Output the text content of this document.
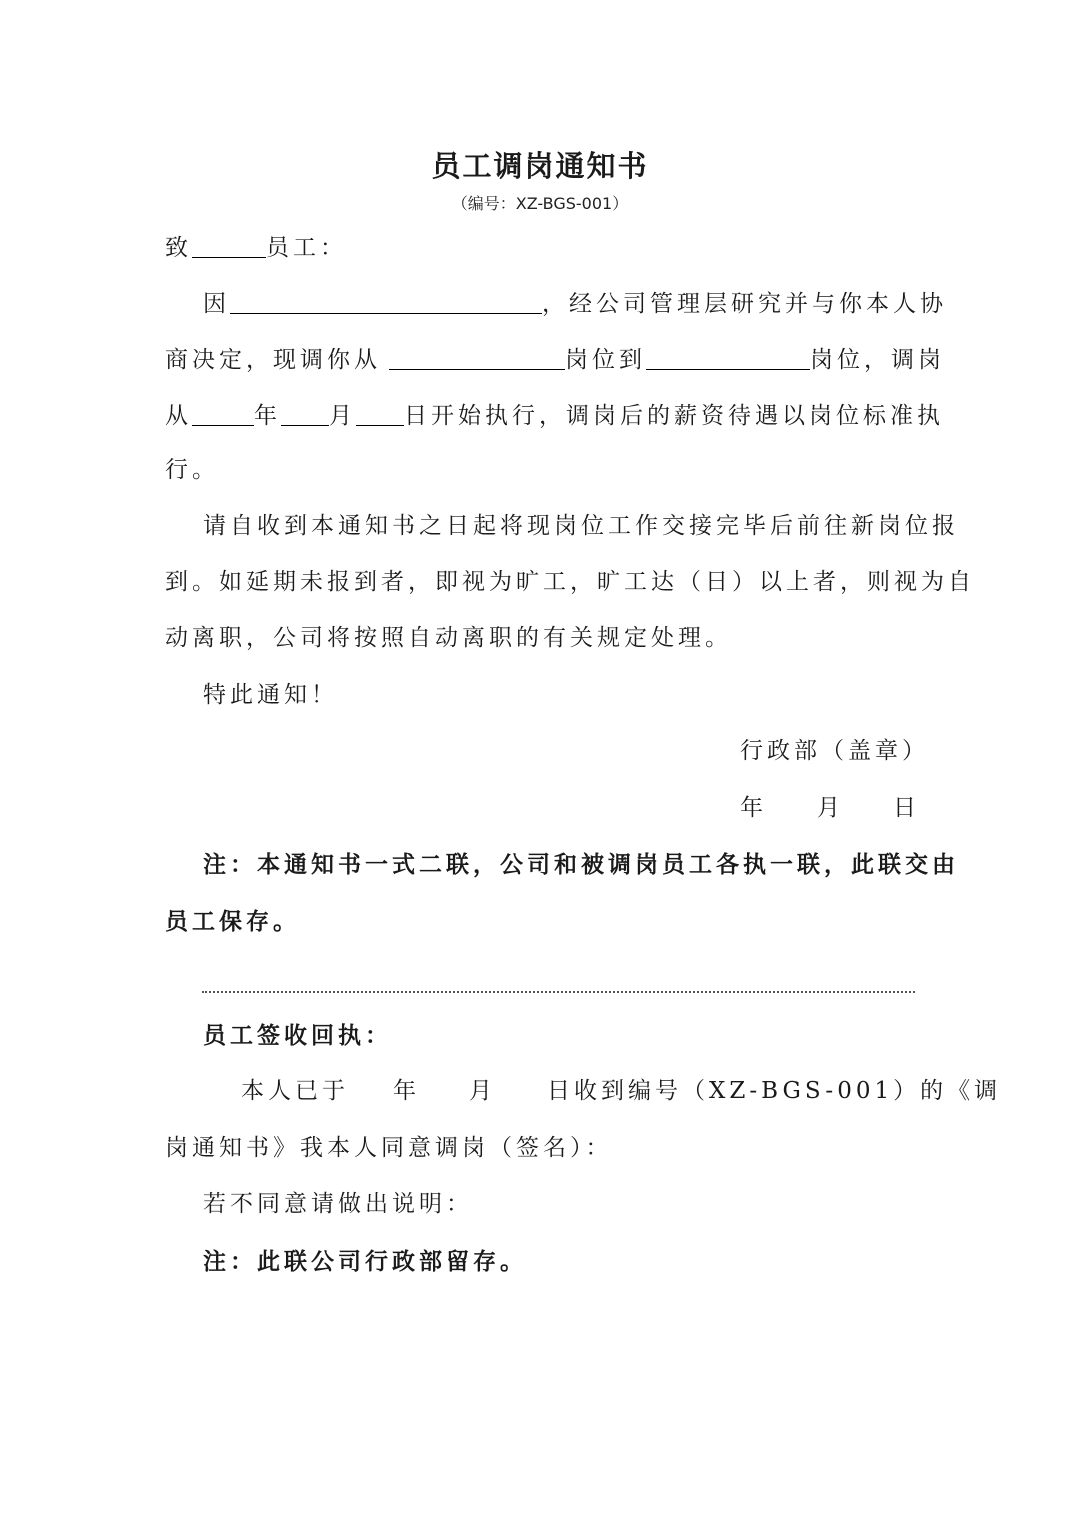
员工调岗通知书
（编号：XZ-BGS-001）
致	员工：
因	，经公司管理层研究并与你本人协
商决定，现调你从	岗位到	岗位，调岗
从	年 月 日开始执行，调岗后的薪资待遇以岗位标准执
行。
请自收到本通知书之日起将现岗位工作交接完毕后前往新岗位报
到。如延期未报到者，即视为旷工，旷工达（日）以上者，则视为自
动离职，公司将按照自动离职的有关规定处理。
特此通知！
行政部（盖章）
年 月 日
注：本通知书一式二联，公司和被调岗员工各执一联，此联交由
员工保存。
员工签收回执：
本人已于 年 月 日收到编号（XZ-BGS-001）的《调
岗通知书》我本人同意调岗（签名）：
若不同意请做出说明：
注：此联公司行政部留存。
